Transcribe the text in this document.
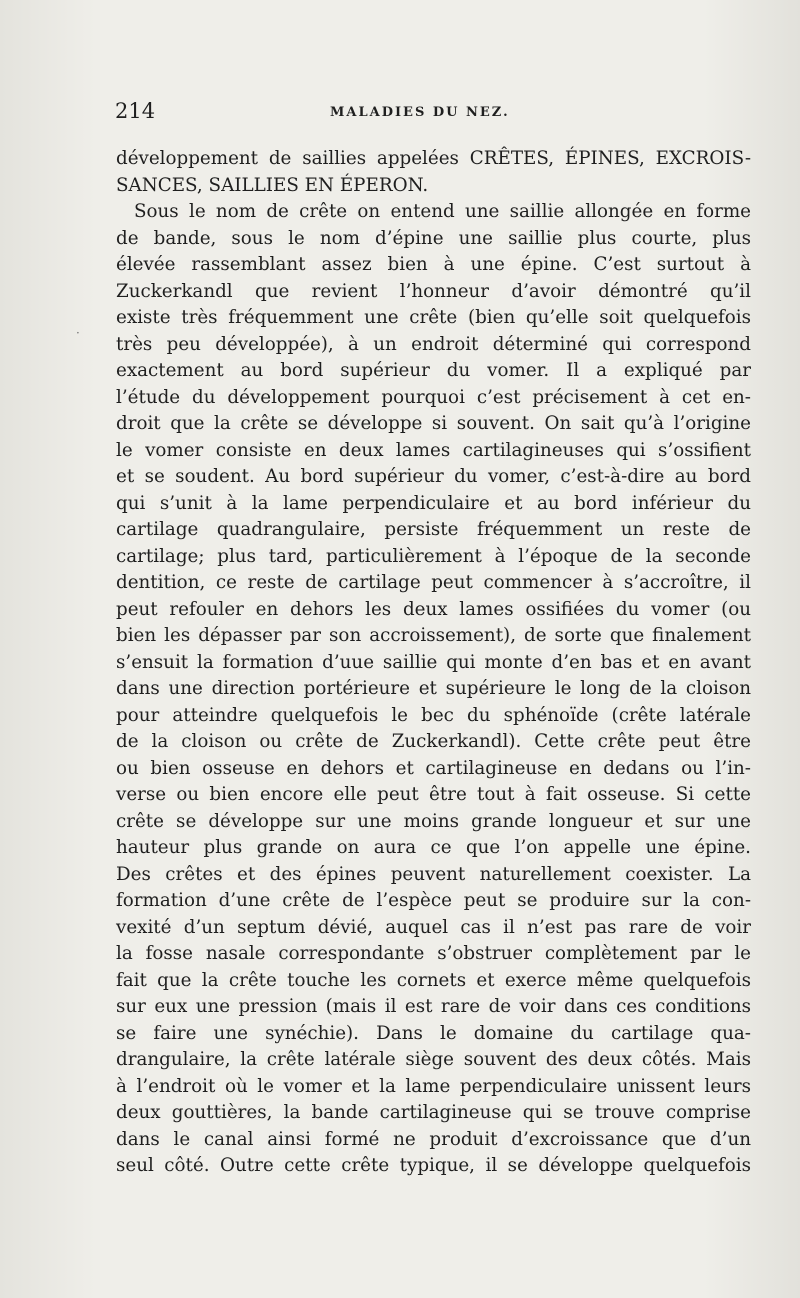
214	MALADIES DU NEZ.
·
développement de saillies appelées CRÊTES, ÉPINES, EXCROIS-
SANCES, SAILLIES EN ÉPERON.
Sous le nom de crête on entend une saillie allongée en forme
de bande, sous le nom d’épine une saillie plus courte, plus
élevée rassemblant assez bien à une épine. C’est surtout à
Zuckerkandl que revient l’honneur d’avoir démontré qu’il
existe très fréquemment une crête (bien qu’elle soit quelquefois
très peu développée), à un endroit déterminé qui correspond
exactement au bord supérieur du vomer. Il a expliqué par
l’étude du développement pourquoi c’est précisement à cet en-
droit que la crête se développe si souvent. On sait qu’à l’origine
le vomer consiste en deux lames cartilagineuses qui s’ossifient
et se soudent. Au bord supérieur du vomer, c’est-à-dire au bord
qui s’unit à la lame perpendiculaire et au bord inférieur du
cartilage quadrangulaire, persiste fréquemment un reste de
cartilage; plus tard, particulièrement à l’époque de la seconde
dentition, ce reste de cartilage peut commencer à s’accroître, il
peut refouler en dehors les deux lames ossifiées du vomer (ou
bien les dépasser par son accroissement), de sorte que finalement
s’ensuit la formation d’uue saillie qui monte d’en bas et en avant
dans une direction portérieure et supérieure le long de la cloison
pour atteindre quelquefois le bec du sphénoïde (crête latérale
de la cloison ou crête de Zuckerkandl). Cette crête peut être
ou bien osseuse en dehors et cartilagineuse en dedans ou l’in-
verse ou bien encore elle peut être tout à fait osseuse. Si cette
crête se développe sur une moins grande longueur et sur une
hauteur plus grande on aura ce que l’on appelle une épine.
Des crêtes et des épines peuvent naturellement coexister. La
formation d’une crête de l’espèce peut se produire sur la con-
vexité d’un septum dévié, auquel cas il n’est pas rare de voir
la fosse nasale correspondante s’obstruer complètement par le
fait que la crête touche les cornets et exerce même quelquefois
sur eux une pression (mais il est rare de voir dans ces conditions
se faire une synéchie). Dans le domaine du cartilage qua-
drangulaire, la crête latérale siège souvent des deux côtés. Mais
à l’endroit où le vomer et la lame perpendiculaire unissent leurs
deux gouttières, la bande cartilagineuse qui se trouve comprise
dans le canal ainsi formé ne produit d’excroissance que d’un
seul côté. Outre cette crête typique, il se développe quelquefois
